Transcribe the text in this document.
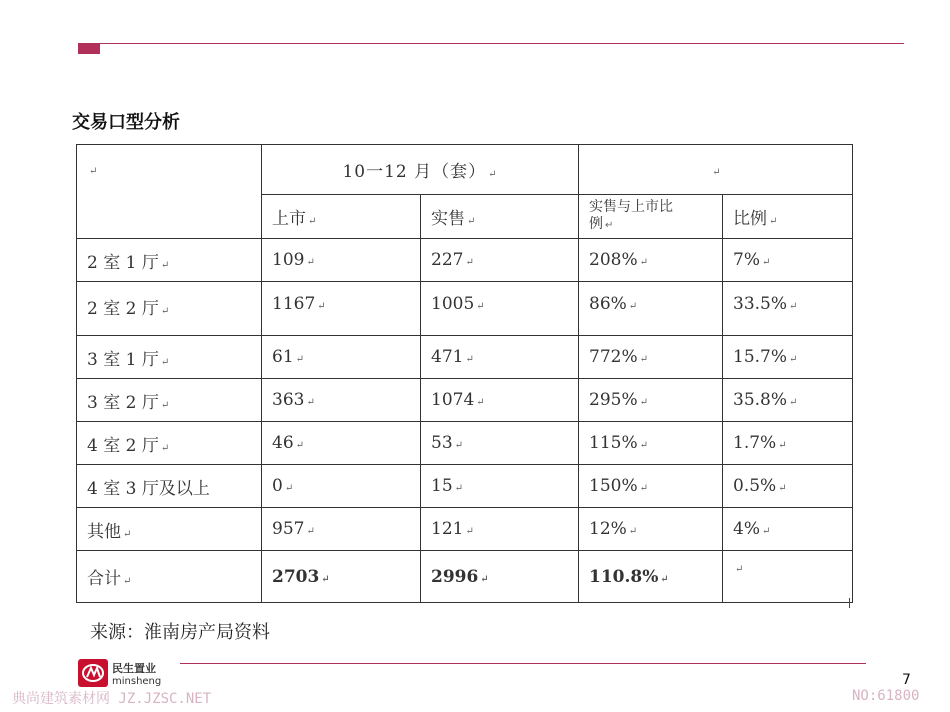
交易口型分析
↵	10一12 月（套） ↵		↵	
	上市 ↵	实售 ↵	实售与上市比
例 ↵	比例 ↵
2 室 1 厅 ↵	109 ↵	227 ↵	208% ↵	7% ↵
2 室 2 厅 ↵	1167 ↵	1005 ↵	86% ↵	33.5% ↵
3 室 1 厅 ↵	61 ↵	471 ↵	772% ↵	15.7% ↵
3 室 2 厅 ↵	363 ↵	1074 ↵	295% ↵	35.8% ↵
4 室 2 厅 ↵	46 ↵	53 ↵	115% ↵	1.7% ↵
4 室 3 厅及以上	0 ↵	15 ↵	150% ↵	0.5% ↵
其他 ↵	957 ↵	121 ↵	12% ↵	4% ↵
合计 ↵	2703 ↵	2996 ↵	110.8% ↵	↵
来源：淮南房产局资料
民生置业
minsheng	7
典尚建筑素材网 JZ.JZSC.NET	NO:61800
